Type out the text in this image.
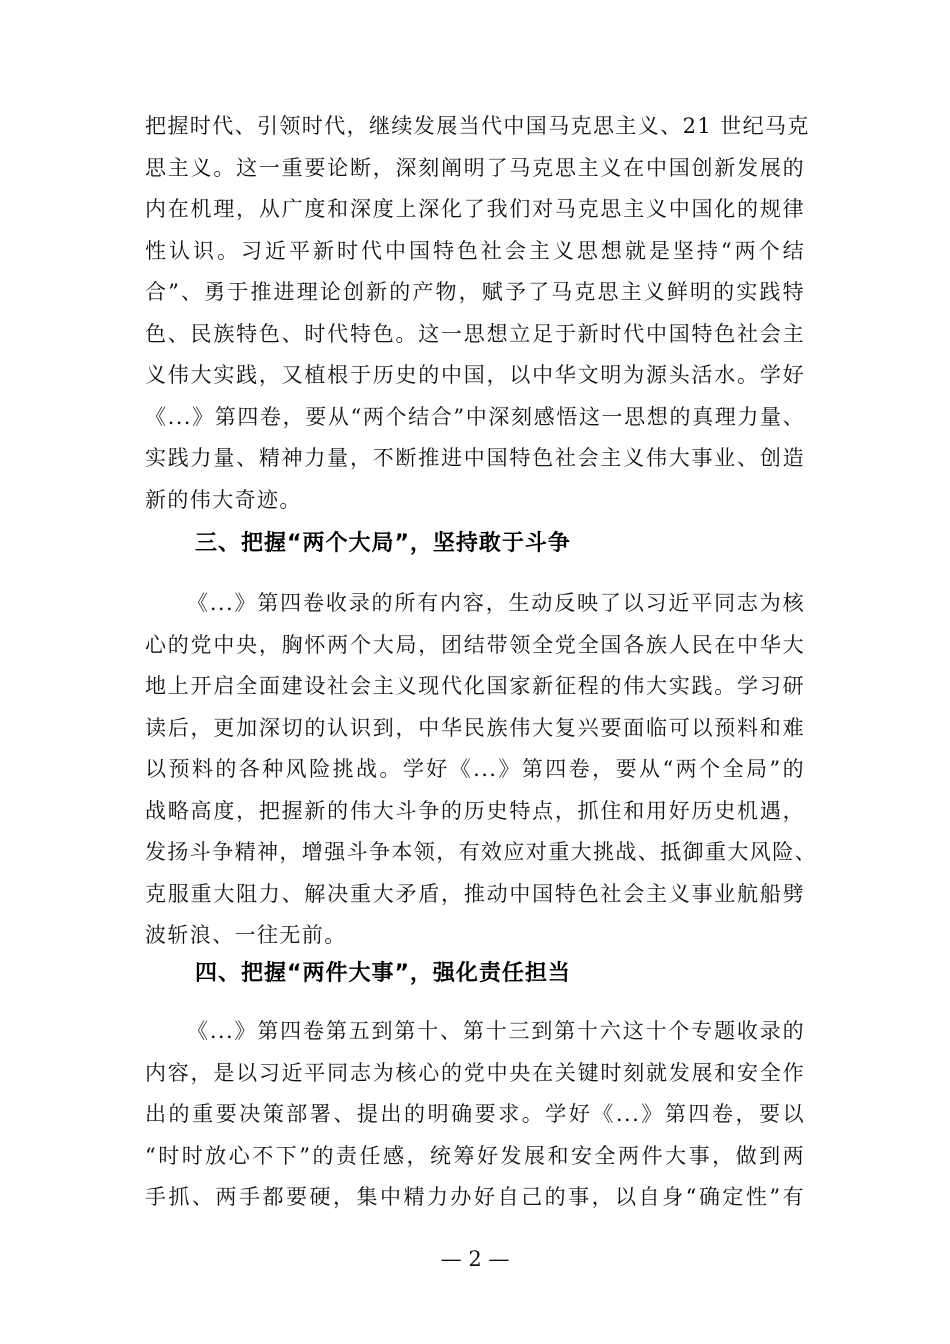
把握时代、引领时代，继续发展当代中国马克思主义、21 世纪马克
思主义。这一重要论断，深刻阐明了马克思主义在中国创新发展的
内在机理，从广度和深度上深化了我们对马克思主义中国化的规律
性认识。习近平新时代中国特色社会主义思想就是坚持“两个结
合”、勇于推进理论创新的产物，赋予了马克思主义鲜明的实践特
色、民族特色、时代特色。这一思想立足于新时代中国特色社会主
义伟大实践，又植根于历史的中国，以中华文明为源头活水。学好
《...》第四卷，要从“两个结合”中深刻感悟这一思想的真理力量、
实践力量、精神力量，不断推进中国特色社会主义伟大事业、创造
新的伟大奇迹。
三、把握“两个大局”，坚持敢于斗争
《...》第四卷收录的所有内容，生动反映了以习近平同志为核
心的党中央，胸怀两个大局，团结带领全党全国各族人民在中华大
地上开启全面建设社会主义现代化国家新征程的伟大实践。学习研
读后，更加深切的认识到，中华民族伟大复兴要面临可以预料和难
以预料的各种风险挑战。学好《...》第四卷，要从“两个全局”的
战略高度，把握新的伟大斗争的历史特点，抓住和用好历史机遇，
发扬斗争精神，增强斗争本领，有效应对重大挑战、抵御重大风险、
克服重大阻力、解决重大矛盾，推动中国特色社会主义事业航船劈
波斩浪、一往无前。
四、把握“两件大事”，强化责任担当
《...》第四卷第五到第十、第十三到第十六这十个专题收录的
内容，是以习近平同志为核心的党中央在关键时刻就发展和安全作
出的重要决策部署、提出的明确要求。学好《...》第四卷，要以
“时时放心不下”的责任感，统筹好发展和安全两件大事，做到两
手抓、两手都要硬，集中精力办好自己的事，以自身“确定性”有
— 2 —
